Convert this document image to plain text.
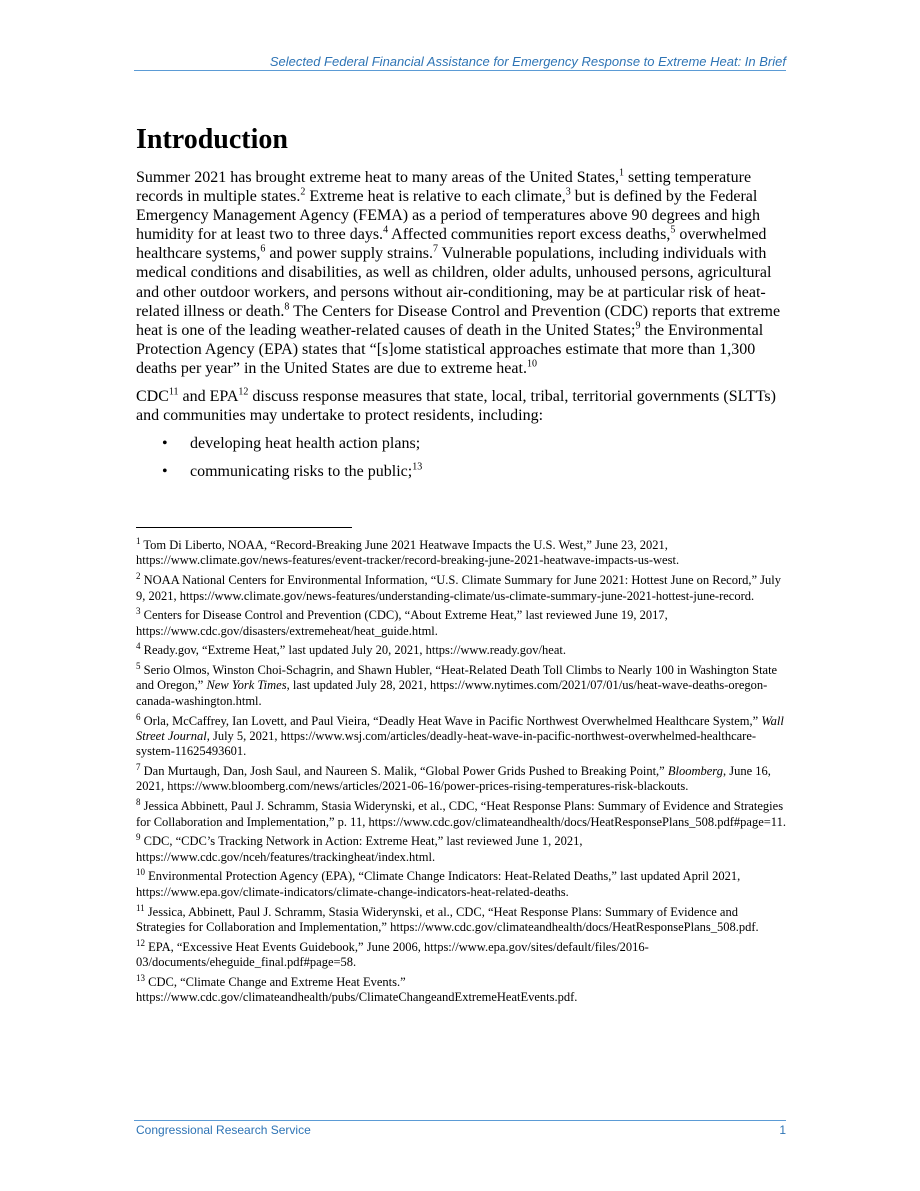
Selected Federal Financial Assistance for Emergency Response to Extreme Heat: In Brief
Introduction

Summer 2021 has brought extreme heat to many areas of the United States,$^1$ setting temperature records in multiple states.$^2$ Extreme heat is relative to each climate,$^3$ but is defined by the Federal Emergency Management Agency (FEMA) as a period of temperatures above 90 degrees and high humidity for at least two to three days.$^4$ Affected communities report excess deaths,$^5$ overwhelmed healthcare systems,$^6$ and power supply strains.$^7$ Vulnerable populations, including individuals with medical conditions and disabilities, as well as children, older adults, unhoused persons, agricultural and other outdoor workers, and persons without air-conditioning, may be at particular risk of heat-related illness or death.$^8$ The Centers for Disease Control and Prevention (CDC) reports that extreme heat is one of the leading weather-related causes of death in the United States;$^9$ the Environmental Protection Agency (EPA) states that “[s]ome statistical approaches estimate that more than 1,300 deaths per year” in the United States are due to extreme heat.$^{10}$

CDC$^{11}$ and EPA$^{12}$ discuss response measures that state, local, tribal, territorial governments (SLTTs) and communities may undertake to protect residents, including:

• developing heat health action plans;
• communicating risks to the public;$^{13}$
$^1$ Tom Di Liberto, NOAA, “Record-Breaking June 2021 Heatwave Impacts the U.S. West,” June 23, 2021, https://www.climate.gov/news-features/event-tracker/record-breaking-june-2021-heatwave-impacts-us-west.
$^2$ NOAA National Centers for Environmental Information, “U.S. Climate Summary for June 2021: Hottest June on Record,” July 9, 2021, https://www.climate.gov/news-features/understanding-climate/us-climate-summary-june-2021-hottest-june-record.
$^3$ Centers for Disease Control and Prevention (CDC), “About Extreme Heat,” last reviewed June 19, 2017, https://www.cdc.gov/disasters/extremeheat/heat_guide.html.
$^4$ Ready.gov, “Extreme Heat,” last updated July 20, 2021, https://www.ready.gov/heat.
$^5$ Serio Olmos, Winston Choi-Schagrin, and Shawn Hubler, “Heat-Related Death Toll Climbs to Nearly 100 in Washington State and Oregon,” New York Times, last updated July 28, 2021, https://www.nytimes.com/2021/07/01/us/heat-wave-deaths-oregon-canada-washington.html.
$^6$ Orla, McCaffrey, Ian Lovett, and Paul Vieira, “Deadly Heat Wave in Pacific Northwest Overwhelmed Healthcare System,” Wall Street Journal, July 5, 2021, https://www.wsj.com/articles/deadly-heat-wave-in-pacific-northwest-overwhelmed-healthcare-system-11625493601.
$^7$ Dan Murtaugh, Dan, Josh Saul, and Naureen S. Malik, “Global Power Grids Pushed to Breaking Point,” Bloomberg, June 16, 2021, https://www.bloomberg.com/news/articles/2021-06-16/power-prices-rising-temperatures-risk-blackouts.
$^8$ Jessica Abbinett, Paul J. Schramm, Stasia Widerynski, et al., CDC, “Heat Response Plans: Summary of Evidence and Strategies for Collaboration and Implementation,” p. 11, https://www.cdc.gov/climateandhealth/docs/HeatResponsePlans_508.pdf#page=11.
$^9$ CDC, “CDC’s Tracking Network in Action: Extreme Heat,” last reviewed June 1, 2021, https://www.cdc.gov/nceh/features/trackingheat/index.html.
$^{10}$ Environmental Protection Agency (EPA), “Climate Change Indicators: Heat-Related Deaths,” last updated April 2021, https://www.epa.gov/climate-indicators/climate-change-indicators-heat-related-deaths.
$^{11}$ Jessica, Abbinett, Paul J. Schramm, Stasia Widerynski, et al., CDC, “Heat Response Plans: Summary of Evidence and Strategies for Collaboration and Implementation,” https://www.cdc.gov/climateandhealth/docs/HeatResponsePlans_508.pdf.
$^{12}$ EPA, “Excessive Heat Events Guidebook,” June 2006, https://www.epa.gov/sites/default/files/2016-03/documents/eheguide_final.pdf#page=58.
$^{13}$ CDC, “Climate Change and Extreme Heat Events.” https://www.cdc.gov/climateandhealth/pubs/ClimateChangeandExtremeHeatEvents.pdf.
Congressional Research Service	1
